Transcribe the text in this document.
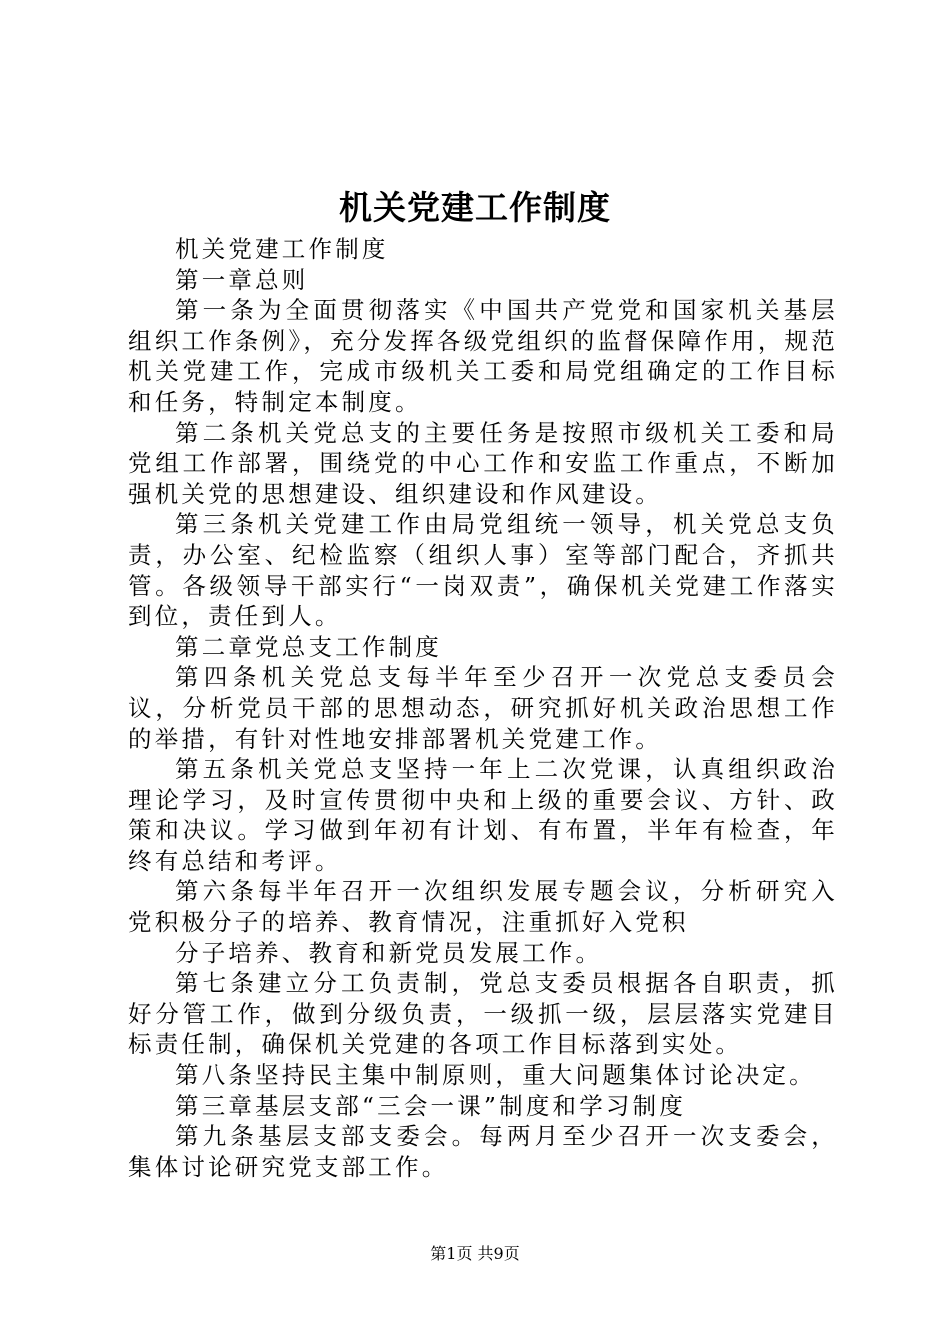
机关党建工作制度

机关党建工作制度

第一章总则

第一条为全面贯彻落实《中国共产党党和国家机关基层组织工作条例》，充分发挥各级党组织的监督保障作用，规范机关党建工作，完成市级机关工委和局党组确定的工作目标和任务，特制定本制度。

第二条机关党总支的主要任务是按照市级机关工委和局党组工作部署，围绕党的中心工作和安监工作重点，不断加强机关党的思想建设、组织建设和作风建设。

第三条机关党建工作由局党组统一领导，机关党总支负责，办公室、纪检监察（组织人事）室等部门配合，齐抓共管。各级领导干部实行“一岗双责”，确保机关党建工作落实到位，责任到人。

第二章党总支工作制度

第四条机关党总支每半年至少召开一次党总支委员会议，分析党员干部的思想动态，研究抓好机关政治思想工作的举措，有针对性地安排部署机关党建工作。

第五条机关党总支坚持一年上二次党课，认真组织政治理论学习，及时宣传贯彻中央和上级的重要会议、方针、政策和决议。学习做到年初有计划、有布置，半年有检查，年终有总结和考评。

第六条每半年召开一次组织发展专题会议，分析研究入党积极分子的培养、教育情况，注重抓好入党积

分子培养、教育和新党员发展工作。

第七条建立分工负责制，党总支委员根据各自职责，抓好分管工作，做到分级负责，一级抓一级，层层落实党建目标责任制，确保机关党建的各项工作目标落到实处。

第八条坚持民主集中制原则，重大问题集体讨论决定。

第三章基层支部“三会一课”制度和学习制度

第九条基层支部支委会。每两月至少召开一次支委会，集体讨论研究党支部工作。

第1页 共9页
